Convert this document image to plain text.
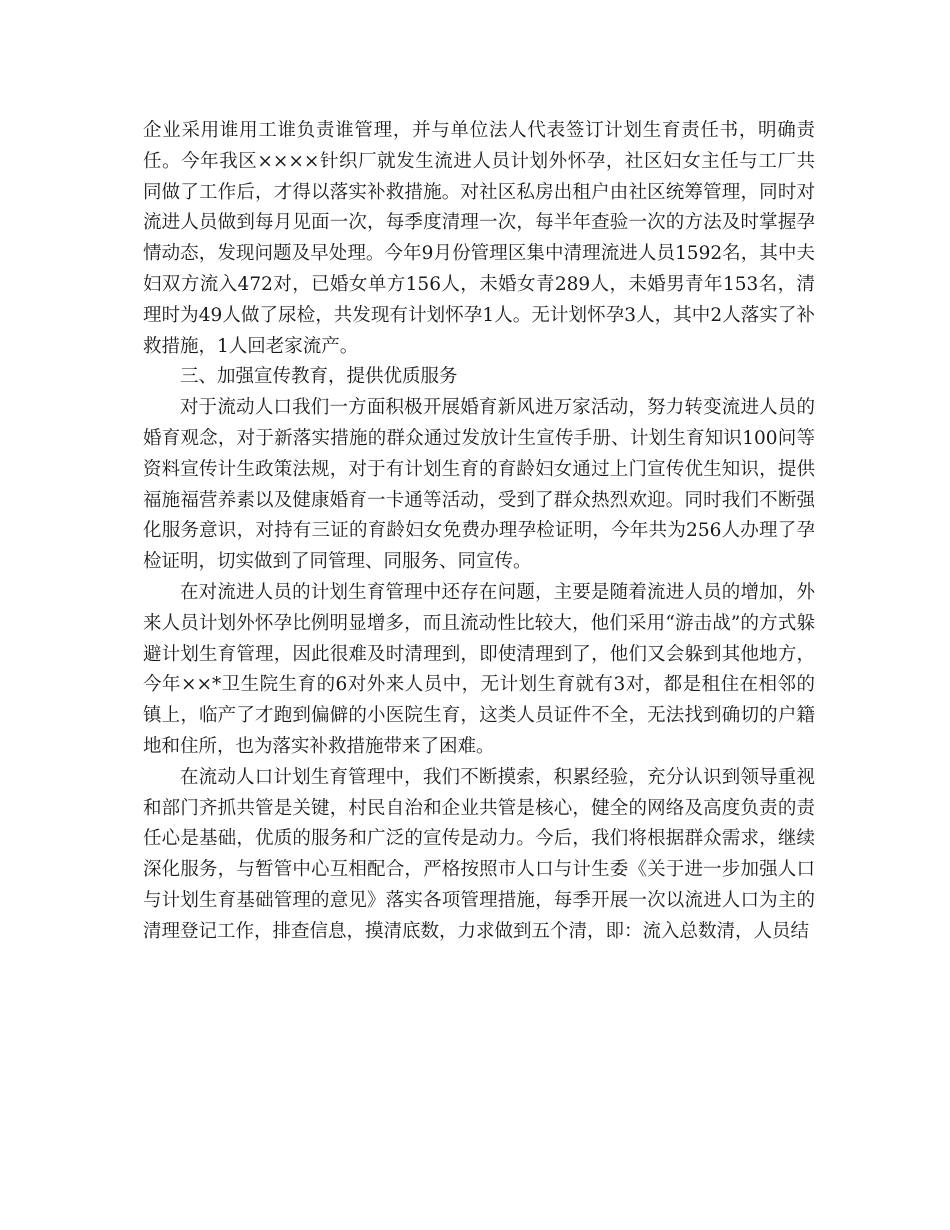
企业采用谁用工谁负责谁管理，并与单位法人代表签订计划生育责任书，明确责任。今年我区××××针织厂就发生流进人员计划外怀孕，社区妇女主任与工厂共同做了工作后，才得以落实补救措施。对社区私房出租户由社区统筹管理，同时对流进人员做到每月见面一次，每季度清理一次，每半年查验一次的方法及时掌握孕情动态，发现问题及早处理。今年9月份管理区集中清理流进人员1592名，其中夫妇双方流入472对，已婚女单方156人，未婚女青289人，未婚男青年153名，清理时为49人做了尿检，共发现有计划怀孕1人。无计划怀孕3人，其中2人落实了补救措施，1人回老家流产。

三、加强宣传教育，提供优质服务

对于流动人口我们一方面积极开展婚育新风进万家活动，努力转变流进人员的婚育观念，对于新落实措施的群众通过发放计生宣传手册、计划生育知识100问等资料宣传计生政策法规，对于有计划生育的育龄妇女通过上门宣传优生知识，提供福施福营养素以及健康婚育一卡通等活动，受到了群众热烈欢迎。同时我们不断强化服务意识，对持有三证的育龄妇女免费办理孕检证明，今年共为256人办理了孕检证明，切实做到了同管理、同服务、同宣传。

在对流进人员的计划生育管理中还存在问题，主要是随着流进人员的增加，外来人员计划外怀孕比例明显增多，而且流动性比较大，他们采用“游击战”的方式躲避计划生育管理，因此很难及时清理到，即使清理到了，他们又会躲到其他地方，今年××*卫生院生育的6对外来人员中，无计划生育就有3对，都是租住在相邻的镇上，临产了才跑到偏僻的小医院生育，这类人员证件不全，无法找到确切的户籍地和住所，也为落实补救措施带来了困难。

在流动人口计划生育管理中，我们不断摸索，积累经验，充分认识到领导重视和部门齐抓共管是关键，村民自治和企业共管是核心，健全的网络及高度负责的责任心是基础，优质的服务和广泛的宣传是动力。今后，我们将根据群众需求，继续深化服务，与暂管中心互相配合，严格按照市人口与计生委《关于进一步加强人口与计划生育基础管理的意见》落实各项管理措施，每季开展一次以流进人口为主的清理登记工作，排查信息，摸清底数，力求做到五个清，即：流入总数清，人员结
